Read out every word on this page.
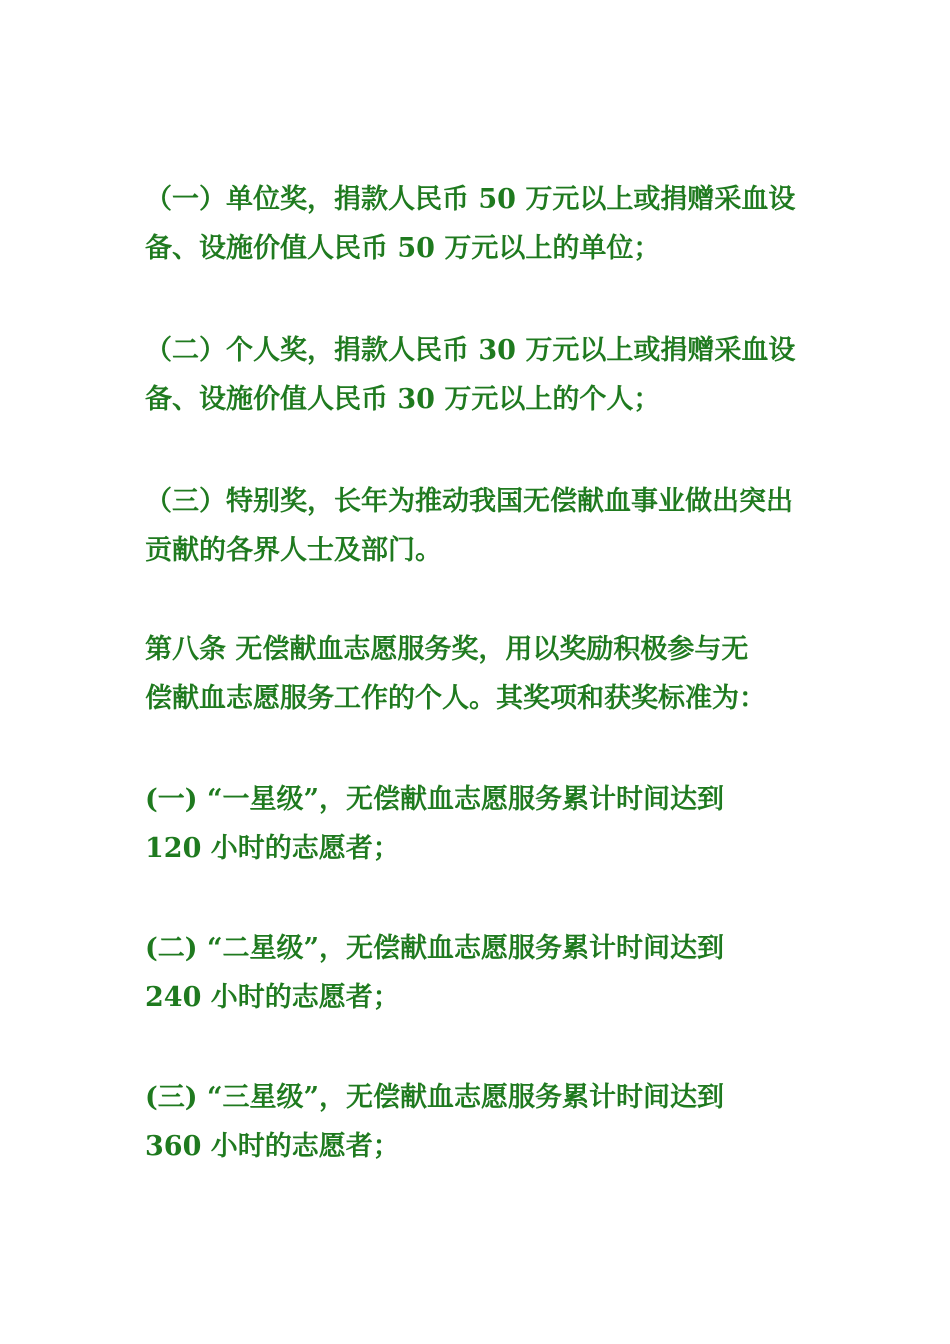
（一）单位奖，捐款人民币 50 万元以上或捐赠采血设
备、设施价值人民币 50 万元以上的单位；

（二）个人奖，捐款人民币 30 万元以上或捐赠采血设
备、设施价值人民币 30 万元以上的个人；

（三）特别奖，长年为推动我国无偿献血事业做出突出
贡献的各界人士及部门。

第八条 无偿献血志愿服务奖，用以奖励积极参与无
偿献血志愿服务工作的个人。其奖项和获奖标准为：

(一) “一星级”，无偿献血志愿服务累计时间达到
120 小时的志愿者；

(二) “二星级”，无偿献血志愿服务累计时间达到
240 小时的志愿者；

(三) “三星级”，无偿献血志愿服务累计时间达到
360 小时的志愿者；
